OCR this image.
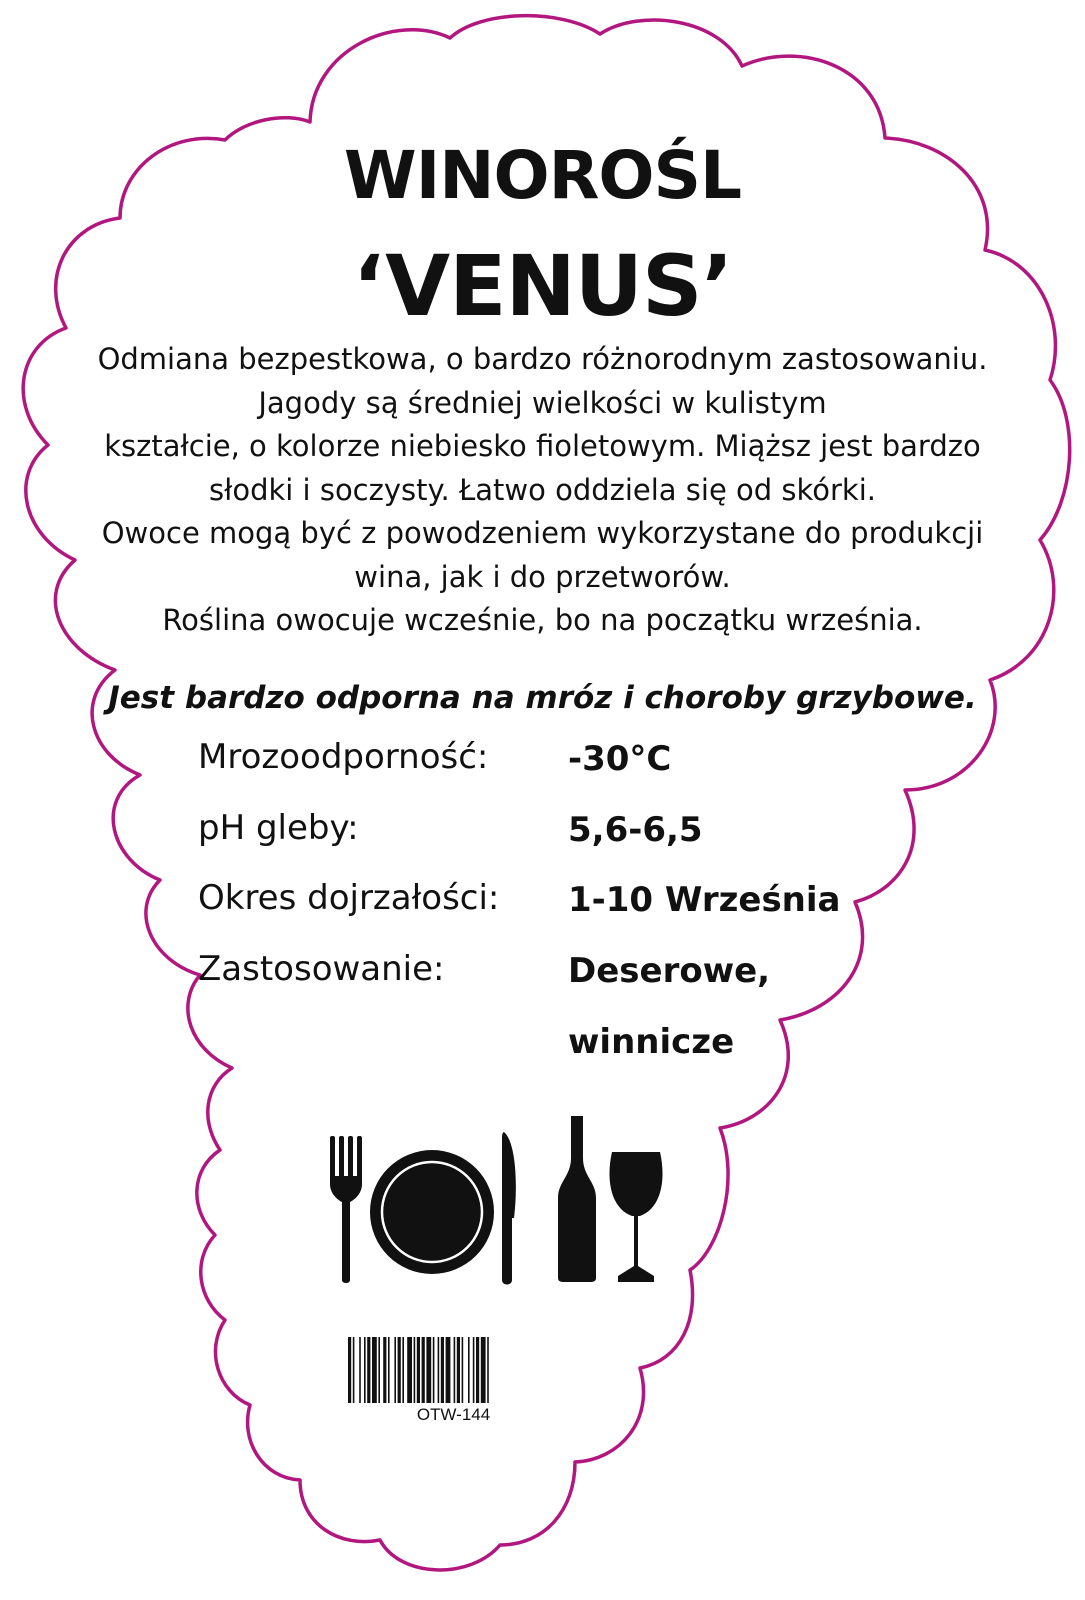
WINOROŚL
‘VENUS’
Odmiana bezpestkowa, o bardzo różnorodnym zastosowaniu.
Jagody są średniej wielkości w kulistym
kształcie, o kolorze niebiesko fioletowym. Miąższ jest bardzo
słodki i soczysty. Łatwo oddziela się od skórki.
Owoce mogą być z powodzeniem wykorzystane do produkcji
wina, jak i do przetworów.
Roślina owocuje wcześnie, bo na początku września.
Jest bardzo odporna na mróz i choroby grzybowe.
Mrozoodporność: -30°C
pH gleby:	5,6-6,5
Okres dojrzałości: 1-10 Września
Zastosowanie:	Deserowe,
winnicze
OTW-144
